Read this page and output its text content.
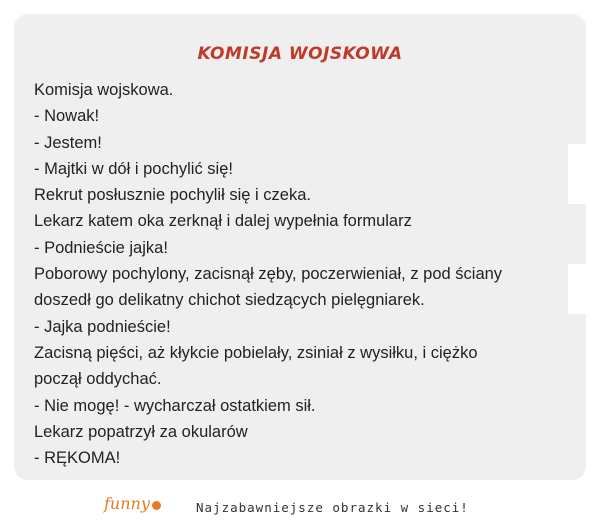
KOMISJA WOJSKOWA
Komisja wojskowa.
- Nowak!
- Jestem!
- Majtki w dół i pochylić się!
Rekrut posłusznie pochylił się i czeka.
Lekarz katem oka zerknął i dalej wypełnia formularz
- Podnieście jajka!
Poborowy pochylony, zacisnął zęby, poczerwieniał, z pod ściany
doszedł go delikatny chichot siedzących pielęgniarek.
- Jajka podnieście!
Zacisną pięści, aż kłykcie pobielały, zsiniał z wysiłku, i ciężko
począł oddychać.
- Nie mogę! - wycharczał ostatkiem sił.
Lekarz popatrzył za okularów
- RĘKOMA!
funny	Najzabawniejsze obrazki w sieci!
